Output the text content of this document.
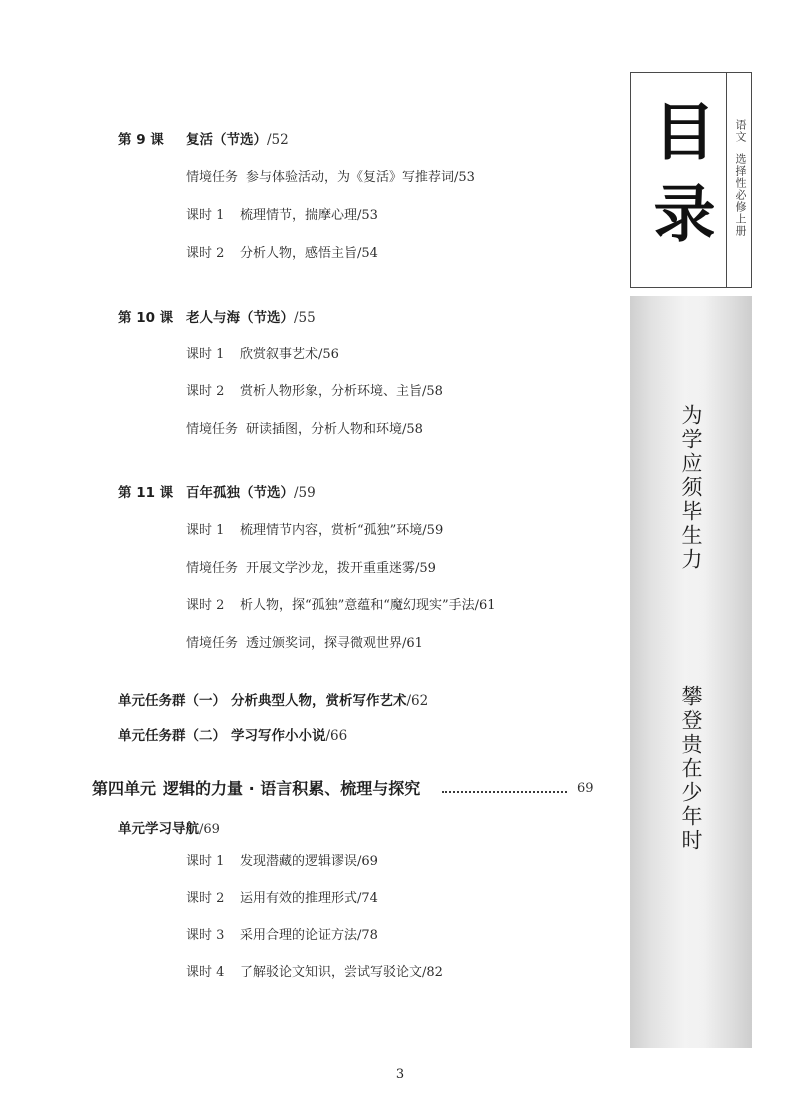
第 9 课 复活（节选）/52
情境任务 参与体验活动，为《复活》写推荐词/53
课时 1 梳理情节，揣摩心理/53
课时 2 分析人物，感悟主旨/54
第 10 课 老人与海（节选）/55
课时 1 欣赏叙事艺术/56
课时 2 赏析人物形象，分析环境、主旨/58
情境任务 研读插图，分析人物和环境/58
第 11 课 百年孤独（节选）/59
课时 1 梳理情节内容，赏析“孤独”环境/59
情境任务 开展文学沙龙，拨开重重迷雾/59
课时 2 析人物，探“孤独”意蕴和“魔幻现实”手法/61
情境任务 透过颁奖词，探寻微观世界/61
单元任务群（一） 分析典型人物，赏析写作艺术/62
单元任务群（二） 学习写作小小说/66
第四单元 逻辑的力量 · 语言积累、梳理与探究	69
单元学习导航/69
课时 1 发现潜藏的逻辑谬误/69
课时 2 运用有效的推理形式/74
课时 3 采用合理的论证方法/78
课时 4 了解驳论文知识，尝试写驳论文/82
3
目录 语文
选择性必修上册
为学应须毕生力
攀登贵在少年时
